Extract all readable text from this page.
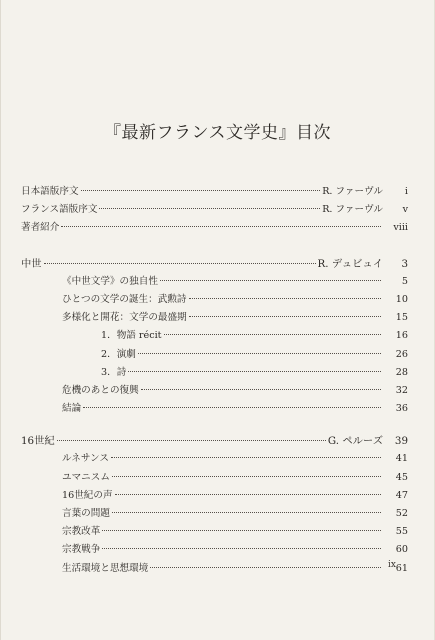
『最新フランス文学史』目次
日本語版序文	R. ファーヴル	i
フランス語版序文	R. ファーヴル	v
著者紹介	viii
中世	R. デュビュイ	3
《中世文学》の独自性	5
ひとつの文学の誕生：武勲詩	10
多様化と開花：文学の最盛期	15
1．物語 récit	16
2．演劇	26
3．詩	28
危機のあとの復興	32
結論	36
16世紀	G. ペルーズ	39
ルネサンス	41
ユマニスム	45
16世紀の声	47
言葉の問題	52
宗教改革	55
宗教戦争	60
生活環境と思想環境	61
ix
